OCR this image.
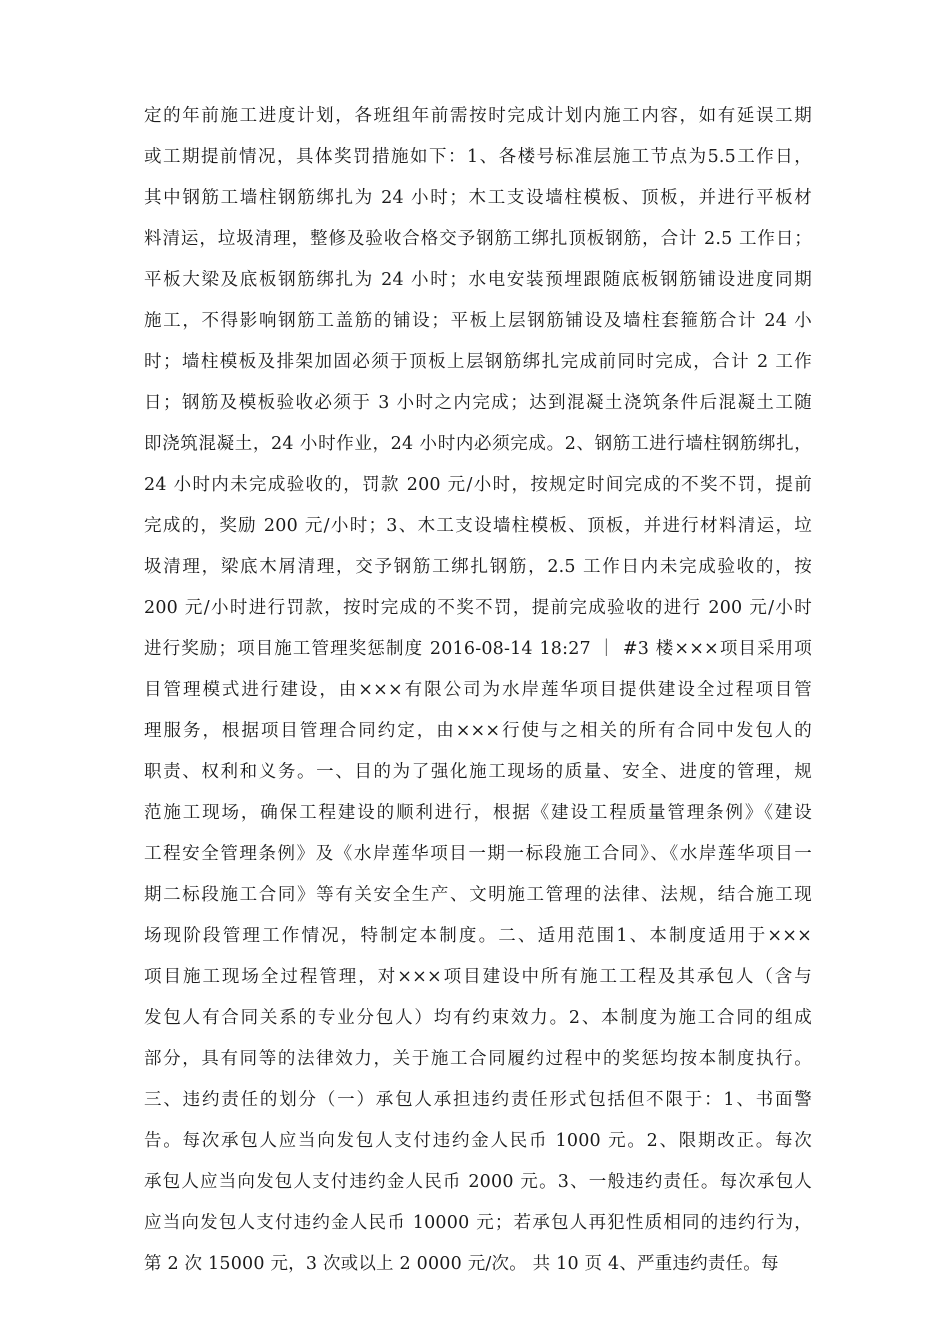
定的年前施工进度计划，各班组年前需按时完成计划内施工内容，如有延误工期
或工期提前情况，具体奖罚措施如下：1、各楼号标准层施工节点为5.5工作日，
其中钢筋工墙柱钢筋绑扎为 24 小时；木工支设墙柱模板、顶板，并进行平板材
料清运，垃圾清理，整修及验收合格交予钢筋工绑扎顶板钢筋，合计 2.5 工作日；
平板大梁及底板钢筋绑扎为 24 小时；水电安装预埋跟随底板钢筋铺设进度同期
施工，不得影响钢筋工盖筋的铺设；平板上层钢筋铺设及墙柱套箍筋合计 24 小
时；墙柱模板及排架加固必须于顶板上层钢筋绑扎完成前同时完成，合计 2 工作
日；钢筋及模板验收必须于 3 小时之内完成；达到混凝土浇筑条件后混凝土工随
即浇筑混凝土，24 小时作业，24 小时内必须完成。2、钢筋工进行墙柱钢筋绑扎，
24 小时内未完成验收的，罚款 200 元/小时，按规定时间完成的不奖不罚，提前
完成的，奖励 200 元/小时；3、木工支设墙柱模板、顶板，并进行材料清运，垃
圾清理，梁底木屑清理，交予钢筋工绑扎钢筋，2.5 工作日内未完成验收的，按
200 元/小时进行罚款，按时完成的不奖不罚，提前完成验收的进行 200 元/小时
进行奖励；项目施工管理奖惩制度 2016-08-14 18:27 ｜ #3 楼×××项目采用项
目管理模式进行建设，由×××有限公司为水岸莲华项目提供建设全过程项目管
理服务，根据项目管理合同约定，由×××行使与之相关的所有合同中发包人的
职责、权利和义务。一、目的为了强化施工现场的质量、安全、进度的管理，规
范施工现场，确保工程建设的顺利进行，根据《建设工程质量管理条例》《建设
工程安全管理条例》及《水岸莲华项目一期一标段施工合同》、《水岸莲华项目一
期二标段施工合同》等有关安全生产、文明施工管理的法律、法规，结合施工现
场现阶段管理工作情况，特制定本制度。二、适用范围1、本制度适用于×××
项目施工现场全过程管理，对×××项目建设中所有施工工程及其承包人（含与
发包人有合同关系的专业分包人）均有约束效力。2、本制度为施工合同的组成
部分，具有同等的法律效力，关于施工合同履约过程中的奖惩均按本制度执行。
三、违约责任的划分（一）承包人承担违约责任形式包括但不限于：1、书面警
告。每次承包人应当向发包人支付违约金人民币 1000 元。2、限期改正。每次
承包人应当向发包人支付违约金人民币 2000 元。3、一般违约责任。每次承包人
应当向发包人支付违约金人民币 10000 元；若承包人再犯性质相同的违约行为，
第 2 次 15000 元，3 次或以上 2 0000 元/次。 共 10 页 4、严重违约责任。每
